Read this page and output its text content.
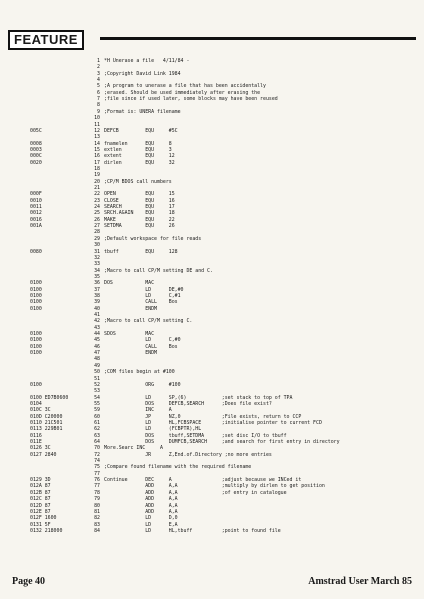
FEATURE
1 *H Unerase a file   4/11/84 -
2
3 ;Copyright David Link 1984
4
5 ;A program to unerase a file that has been accidentally
6 ;erased. Should be used immediately after erasing the
7 ;file since if used later, some blocks may have been reused
8
9 ;Format is: UNERA filename
10
11
005C	12 DEFCB         EQU     #5C
13
0008	14 fnamelen      EQU     8
0003	15 extlen        EQU     3
000C	16 extent        EQU     12
0020	17 dirlen        EQU     32
18
19
20 ;CP/M BDOS call numbers
21
000F	22 OPEN          EQU     15
0010	23 CLOSE         EQU     16
0011	24 SEARCH        EQU     17
0012	25 SRCH.AGAIN    EQU     18
0016	26 MAKE          EQU     22
001A	27 SETDMA        EQU     26
28
29 ;Default workspace for file reads
30
0080	31 tbuff         EQU     128
32
33
34 ;Macro to call CP/M setting DE and C.
35
0100	36 DOS           MAC
0100	37 LD      DE,#0
0100	38 LD      C,#1
0100	39 CALL    Bos
0100	40 ENDM
41
42 ;Macro to call CP/M setting C.
43
0100	44 SDOS          MAC
0100	45 LD      C,#0
0100	46 CALL    Bos
0100	47 ENDM
48
49
50 ;COM files begin at #100
51
0100	52 ORG     #100
53
0100 ED7B0600	54 LD      SP,(6)            ;set stack to top of TPA
0104	55 DOS     DEFCB,SEARCH      ;Does file exist?
010C 3C	59 INC     A
010D C20000	60 JP      NZ,0              ;File exists, return to CCP
0110 21C501	61 LD      HL,FCBSPACE       ;initialise pointer to current FCD
0113 229B01	62 LD      (FCBPTR),HL
0116	63 DOS     tbuff,SETDMA      ;set disc I/O to tbuff
011E	64 DOS     DUMFCB,SEARCH     ;and search for first entry in directory
0126 3C	70 More.Searc INC     A
0127 2840	72 JR      Z,End.of.Directory ;no more entries
74
75 ;Compare found filename with the required filename
77
0129 3D	76 Continue      DEC     A                 ;adjust because we INCed it
012A 87	77 ADD     A,A               ;multiply by dirlen to get position
012B 87	78 ADD     A,A               ;of entry in catalogue
012C 87	79 ADD     A,A
012D 87	80 ADD     A,A
012E 87	81 ADD     A,A
012F 1600	82 LD      D,0
0131 5F	83 LD      E,A
0132 218000	84 LD      HL,tbuff          ;point to found file
Page 40	Amstrad User March 85
